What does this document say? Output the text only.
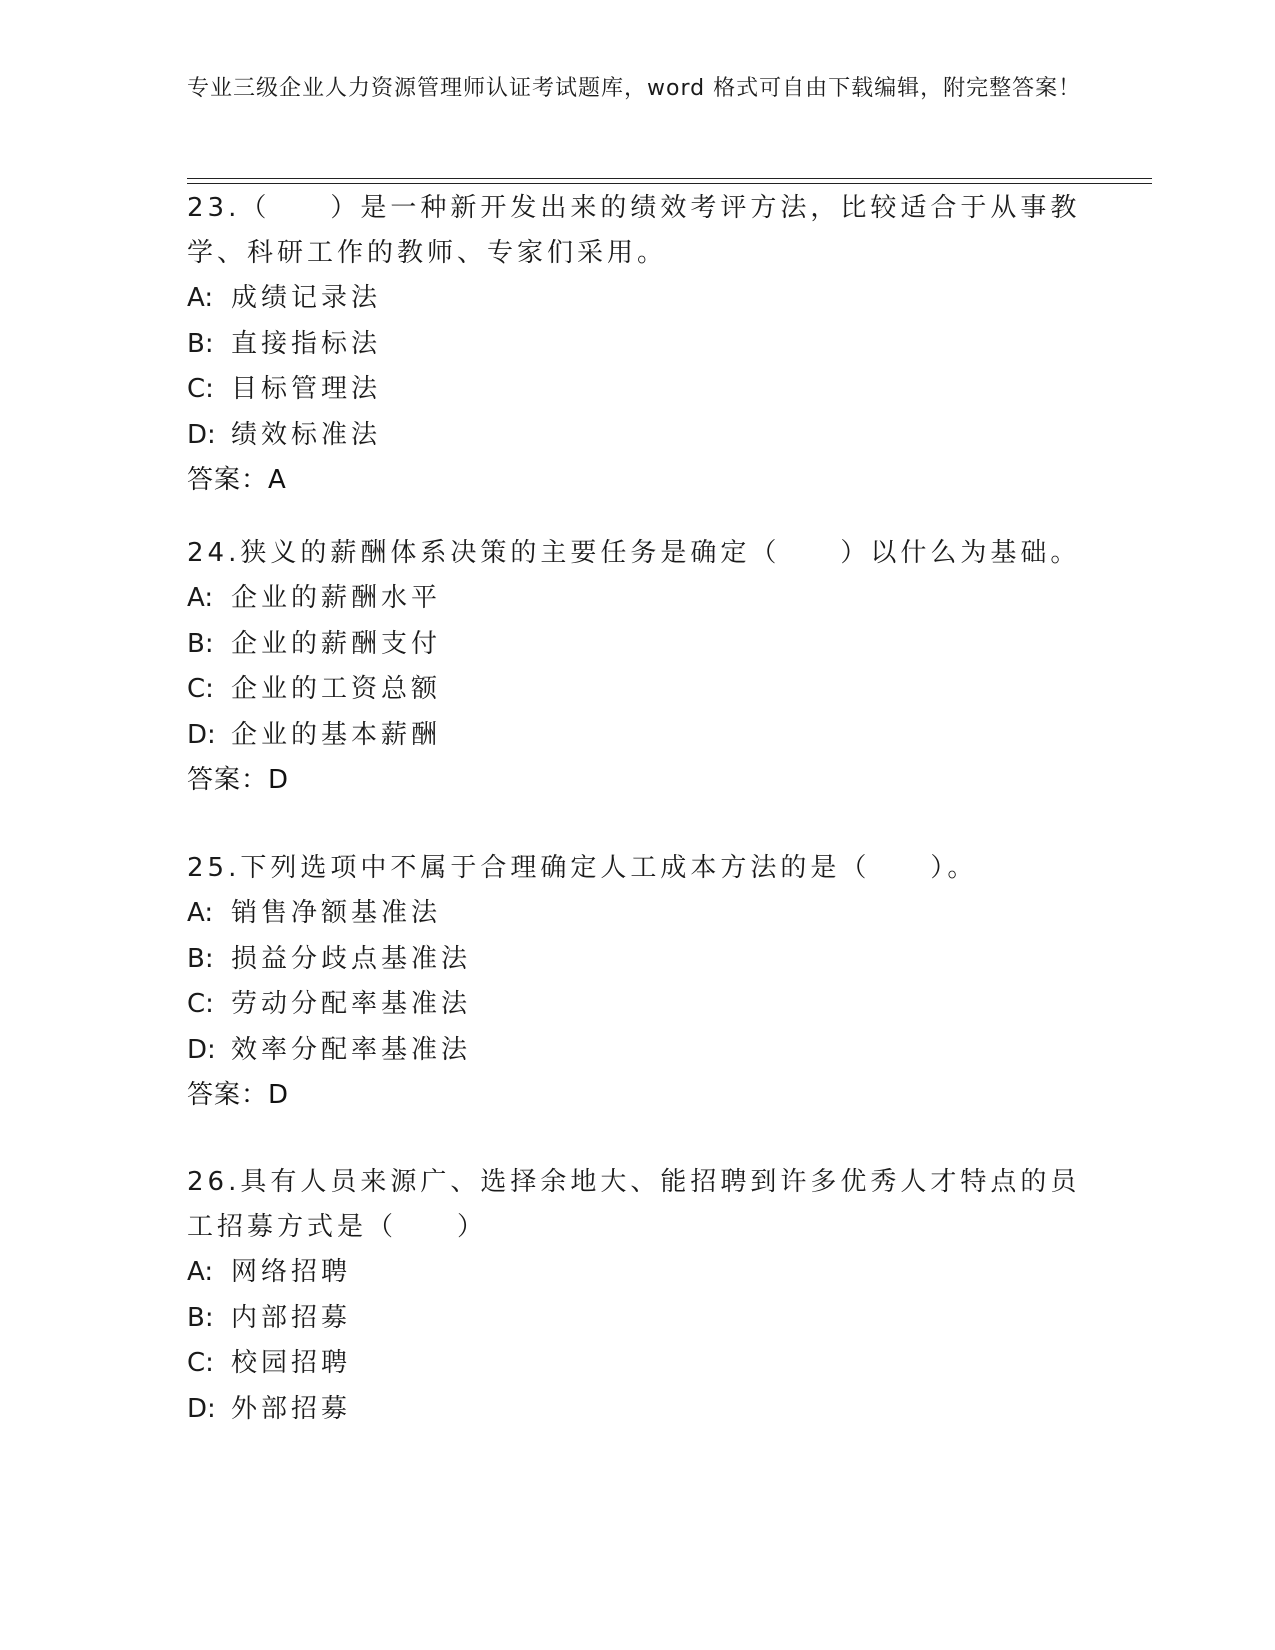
专业三级企业人力资源管理师认证考试题库，word 格式可自由下载编辑，附完整答案！

23.（　　）是一种新开发出来的绩效考评方法，比较适合于从事教学、科研工作的教师、专家们采用。

A: 成绩记录法

B: 直接指标法

C: 目标管理法

D: 绩效标准法

答案：A

24.狭义的薪酬体系决策的主要任务是确定（　　）以什么为基础。

A: 企业的薪酬水平

B: 企业的薪酬支付

C: 企业的工资总额

D: 企业的基本薪酬

答案：D

25.下列选项中不属于合理确定人工成本方法的是（　　）。

A: 销售净额基准法

B: 损益分歧点基准法

C: 劳动分配率基准法

D: 效率分配率基准法

答案：D

26.具有人员来源广、选择余地大、能招聘到许多优秀人才特点的员工招募方式是（　　）

A: 网络招聘

B: 内部招募

C: 校园招聘

D: 外部招募
